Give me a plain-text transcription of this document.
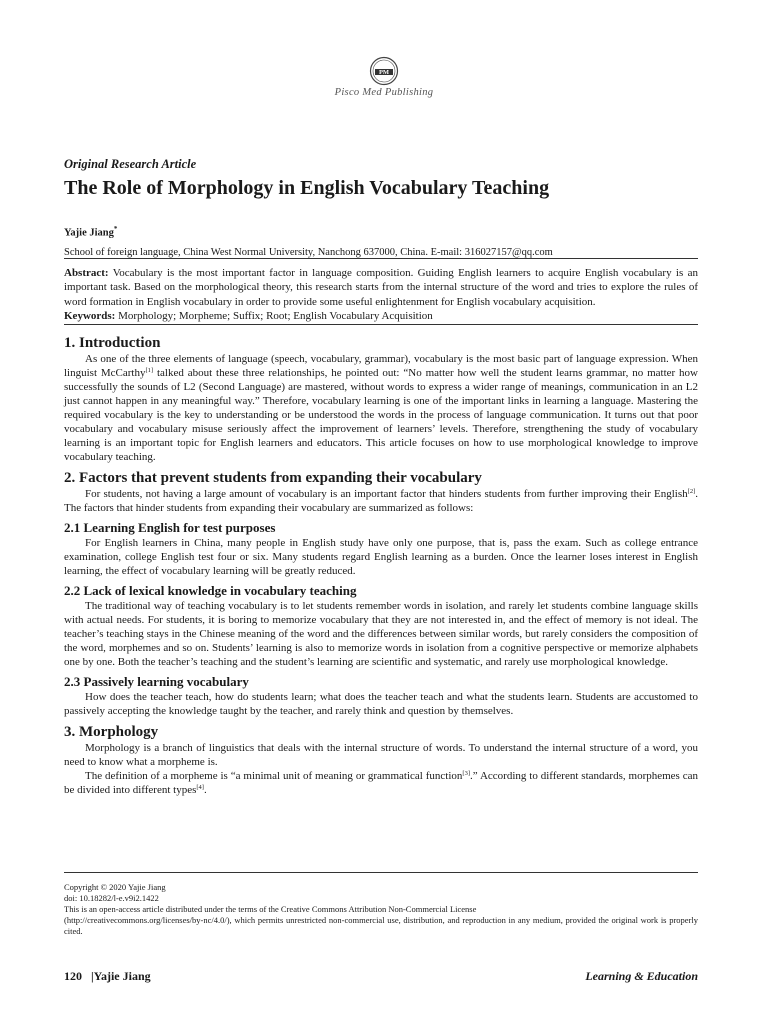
PM
Pisco Med Publishing

Original Research Article

The Role of Morphology in English Vocabulary Teaching
Yajie Jiang*
School of foreign language, China West Normal University, Nanchong 637000, China. E-mail: 316027157@qq.com
Abstract: Vocabulary is the most important factor in language composition. Guiding English learners to acquire English vocabulary is an important task. Based on the morphological theory, this research starts from the internal structure of the word and tries to explore the rules of word formation in English vocabulary in order to provide some useful enlightenment for English vocabulary acquisition.
Keywords: Morphology; Morpheme; Suffix; Root; English Vocabulary Acquisition
1. Introduction

As one of the three elements of language (speech, vocabulary, grammar), vocabulary is the most basic part of language expression. When linguist McCarthy[1] talked about these three relationships, he pointed out: “No matter how well the student learns grammar, no matter how successfully the sounds of L2 (Second Language) are mastered, without words to express a wider range of meanings, communication in an L2 just cannot happen in any meaningful way.” Therefore, vocabulary learning is one of the important links in learning a language. Mastering the required vocabulary is the key to understanding or be understood the words in the process of language communication. It turns out that poor vocabulary and vocabulary misuse seriously affect the improvement of learners’ levels. Therefore, strengthening the study of vocabulary learning is an important topic for English learners and educators. This article focuses on how to use morphological knowledge to improve vocabulary teaching.

2. Factors that prevent students from expanding their vocabulary

For students, not having a large amount of vocabulary is an important factor that hinders students from further improving their English[2]. The factors that hinder students from expanding their vocabulary are summarized as follows:

2.1 Learning English for test purposes

For English learners in China, many people in English study have only one purpose, that is, pass the exam. Such as college entrance examination, college English test four or six. Many students regard English learning as a burden. Once the learner loses interest in English learning, the effect of vocabulary learning will be greatly reduced.

2.2 Lack of lexical knowledge in vocabulary teaching

The traditional way of teaching vocabulary is to let students remember words in isolation, and rarely let students combine language skills with actual needs. For students, it is boring to memorize vocabulary that they are not interested in, and the effect of memory is not ideal. The teacher’s teaching stays in the Chinese meaning of the word and the differences between similar words, but rarely considers the composition of the word, morphemes and so on. Students’ learning is also to memorize words in isolation from a cognitive perspective or memorize alphabets one by one. Both the teacher’s teaching and the student’s learning are scientific and systematic, and rarely use morphological knowledge.

2.3 Passively learning vocabulary

How does the teacher teach, how do students learn; what does the teacher teach and what the students learn. Students are accustomed to passively accepting the knowledge taught by the teacher, and rarely think and question by themselves.

3. Morphology

Morphology is a branch of linguistics that deals with the internal structure of words. To understand the internal structure of a word, you need to know what a morpheme is.

The definition of a morpheme is “a minimal unit of meaning or grammatical function[3].” According to different standards, morphemes can be divided into different types[4].

Copyright © 2020 Yajie Jiang
doi: 10.18282/l-e.v9i2.1422
This is an open-access article distributed under the terms of the Creative Commons Attribution Non-Commercial License
(http://creativecommons.org/licenses/by-nc/4.0/), which permits unrestricted non-commercial use, distribution, and reproduction in any medium, provided the original work is properly cited.
120 |Yajie Jiang	Learning & Education
